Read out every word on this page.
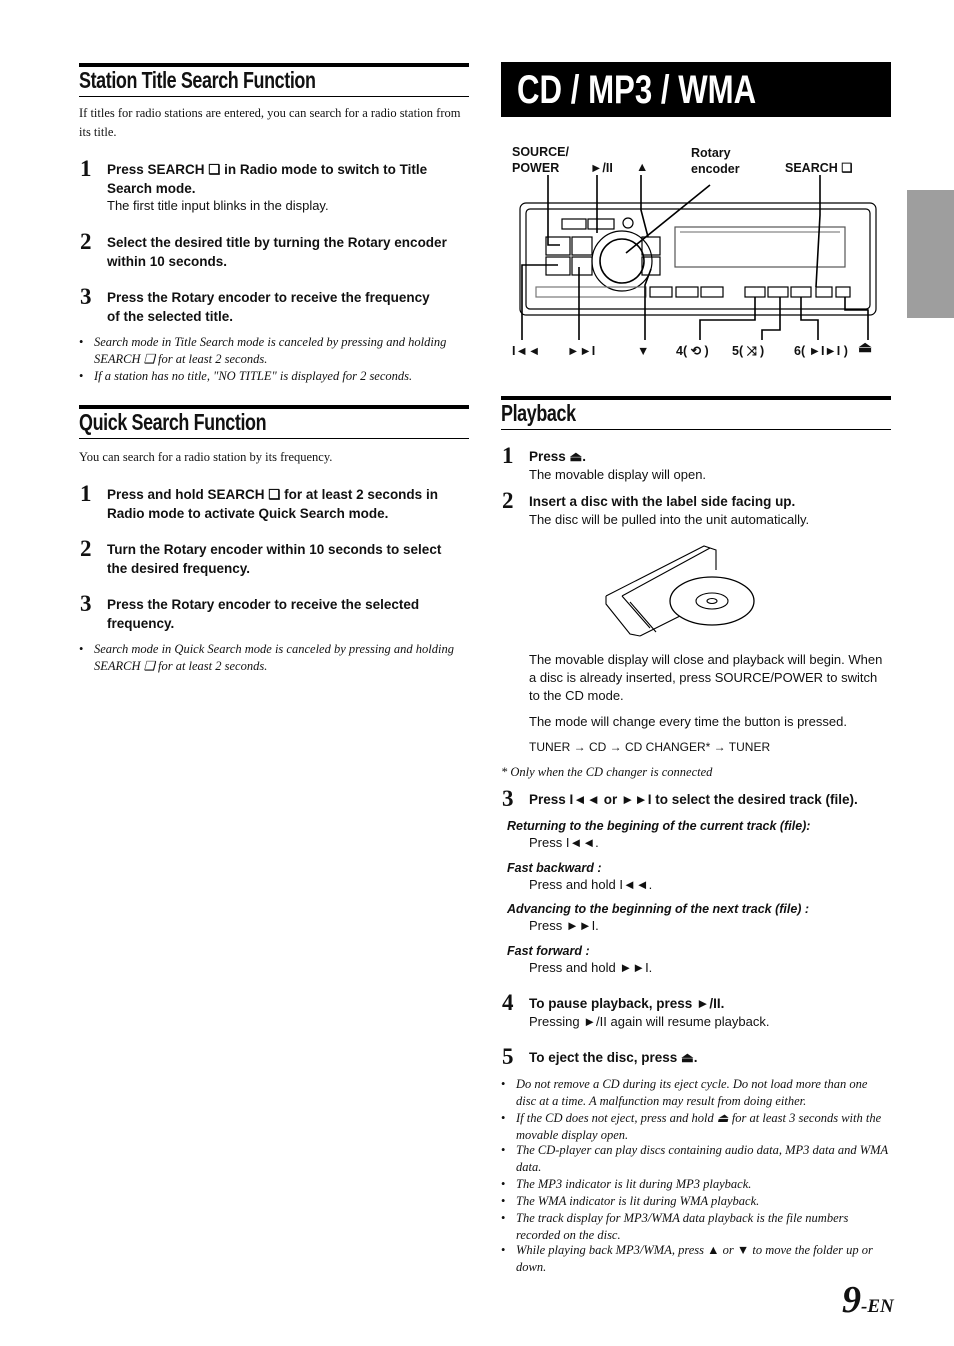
Station Title Search Function
If titles for radio stations are entered, you can search for a radio station from its title.
1 Press SEARCH ❑ in Radio mode to switch to Title Search mode.
The first title input blinks in the display.
2 Select the desired title by turning the Rotary encoder within 10 seconds.
3 Press the Rotary encoder to receive the frequency of the selected title.
• Search mode in Title Search mode is canceled by pressing and holding SEARCH ❑ for at least 2 seconds.
• If a station has no title, "NO TITLE" is displayed for 2 seconds.
Quick Search Function
You can search for a radio station by its frequency.
1 Press and hold SEARCH ❑ for at least 2 seconds in Radio mode to activate Quick Search mode.
2 Turn the Rotary encoder within 10 seconds to select the desired frequency.
3 Press the Rotary encoder to receive the selected frequency.
• Search mode in Quick Search mode is canceled by pressing and holding SEARCH ❑ for at least 2 seconds.
CD / MP3 / WMA
SOURCE/
POWER ►/II ▲
Rotary
encoder	SEARCH ❑
I◄◄ ►►I	▼ 4( ⟲ ) 5( ⤨ ) 6( ►I►I ) ⏏
Playback
1 Press ⏏.
The movable display will open.
2 Insert a disc with the label side facing up.
The disc will be pulled into the unit automatically.
The movable display will close and playback will begin. When a disc is already inserted, press SOURCE/POWER to switch to the CD mode.
The mode will change every time the button is pressed.
TUNER → CD → CD CHANGER* → TUNER
* Only when the CD changer is connected
3 Press I◄◄ or ►►I to select the desired track (file).
Returning to the begining of the current track (file):
Press I◄◄.
Fast backward :
Press and hold I◄◄.
Advancing to the beginning of the next track (file) :
Press ►►I.
Fast forward :
Press and hold ►►I.
4 To pause playback, press ►/II.
Pressing ►/II again will resume playback.
5 To eject the disc, press ⏏.
• Do not remove a CD during its eject cycle. Do not load more than one disc at a time. A malfunction may result from doing either.
• If the CD does not eject, press and hold ⏏ for at least 3 seconds with the movable display open.
• The CD-player can play discs containing audio data, MP3 data and WMA data.
• The MP3 indicator is lit during MP3 playback.
• The WMA indicator is lit during WMA playback.
• The track display for MP3/WMA data playback is the file numbers recorded on the disc.
• While playing back MP3/WMA, press ▲ or ▼ to move the folder up or down.
9-EN
